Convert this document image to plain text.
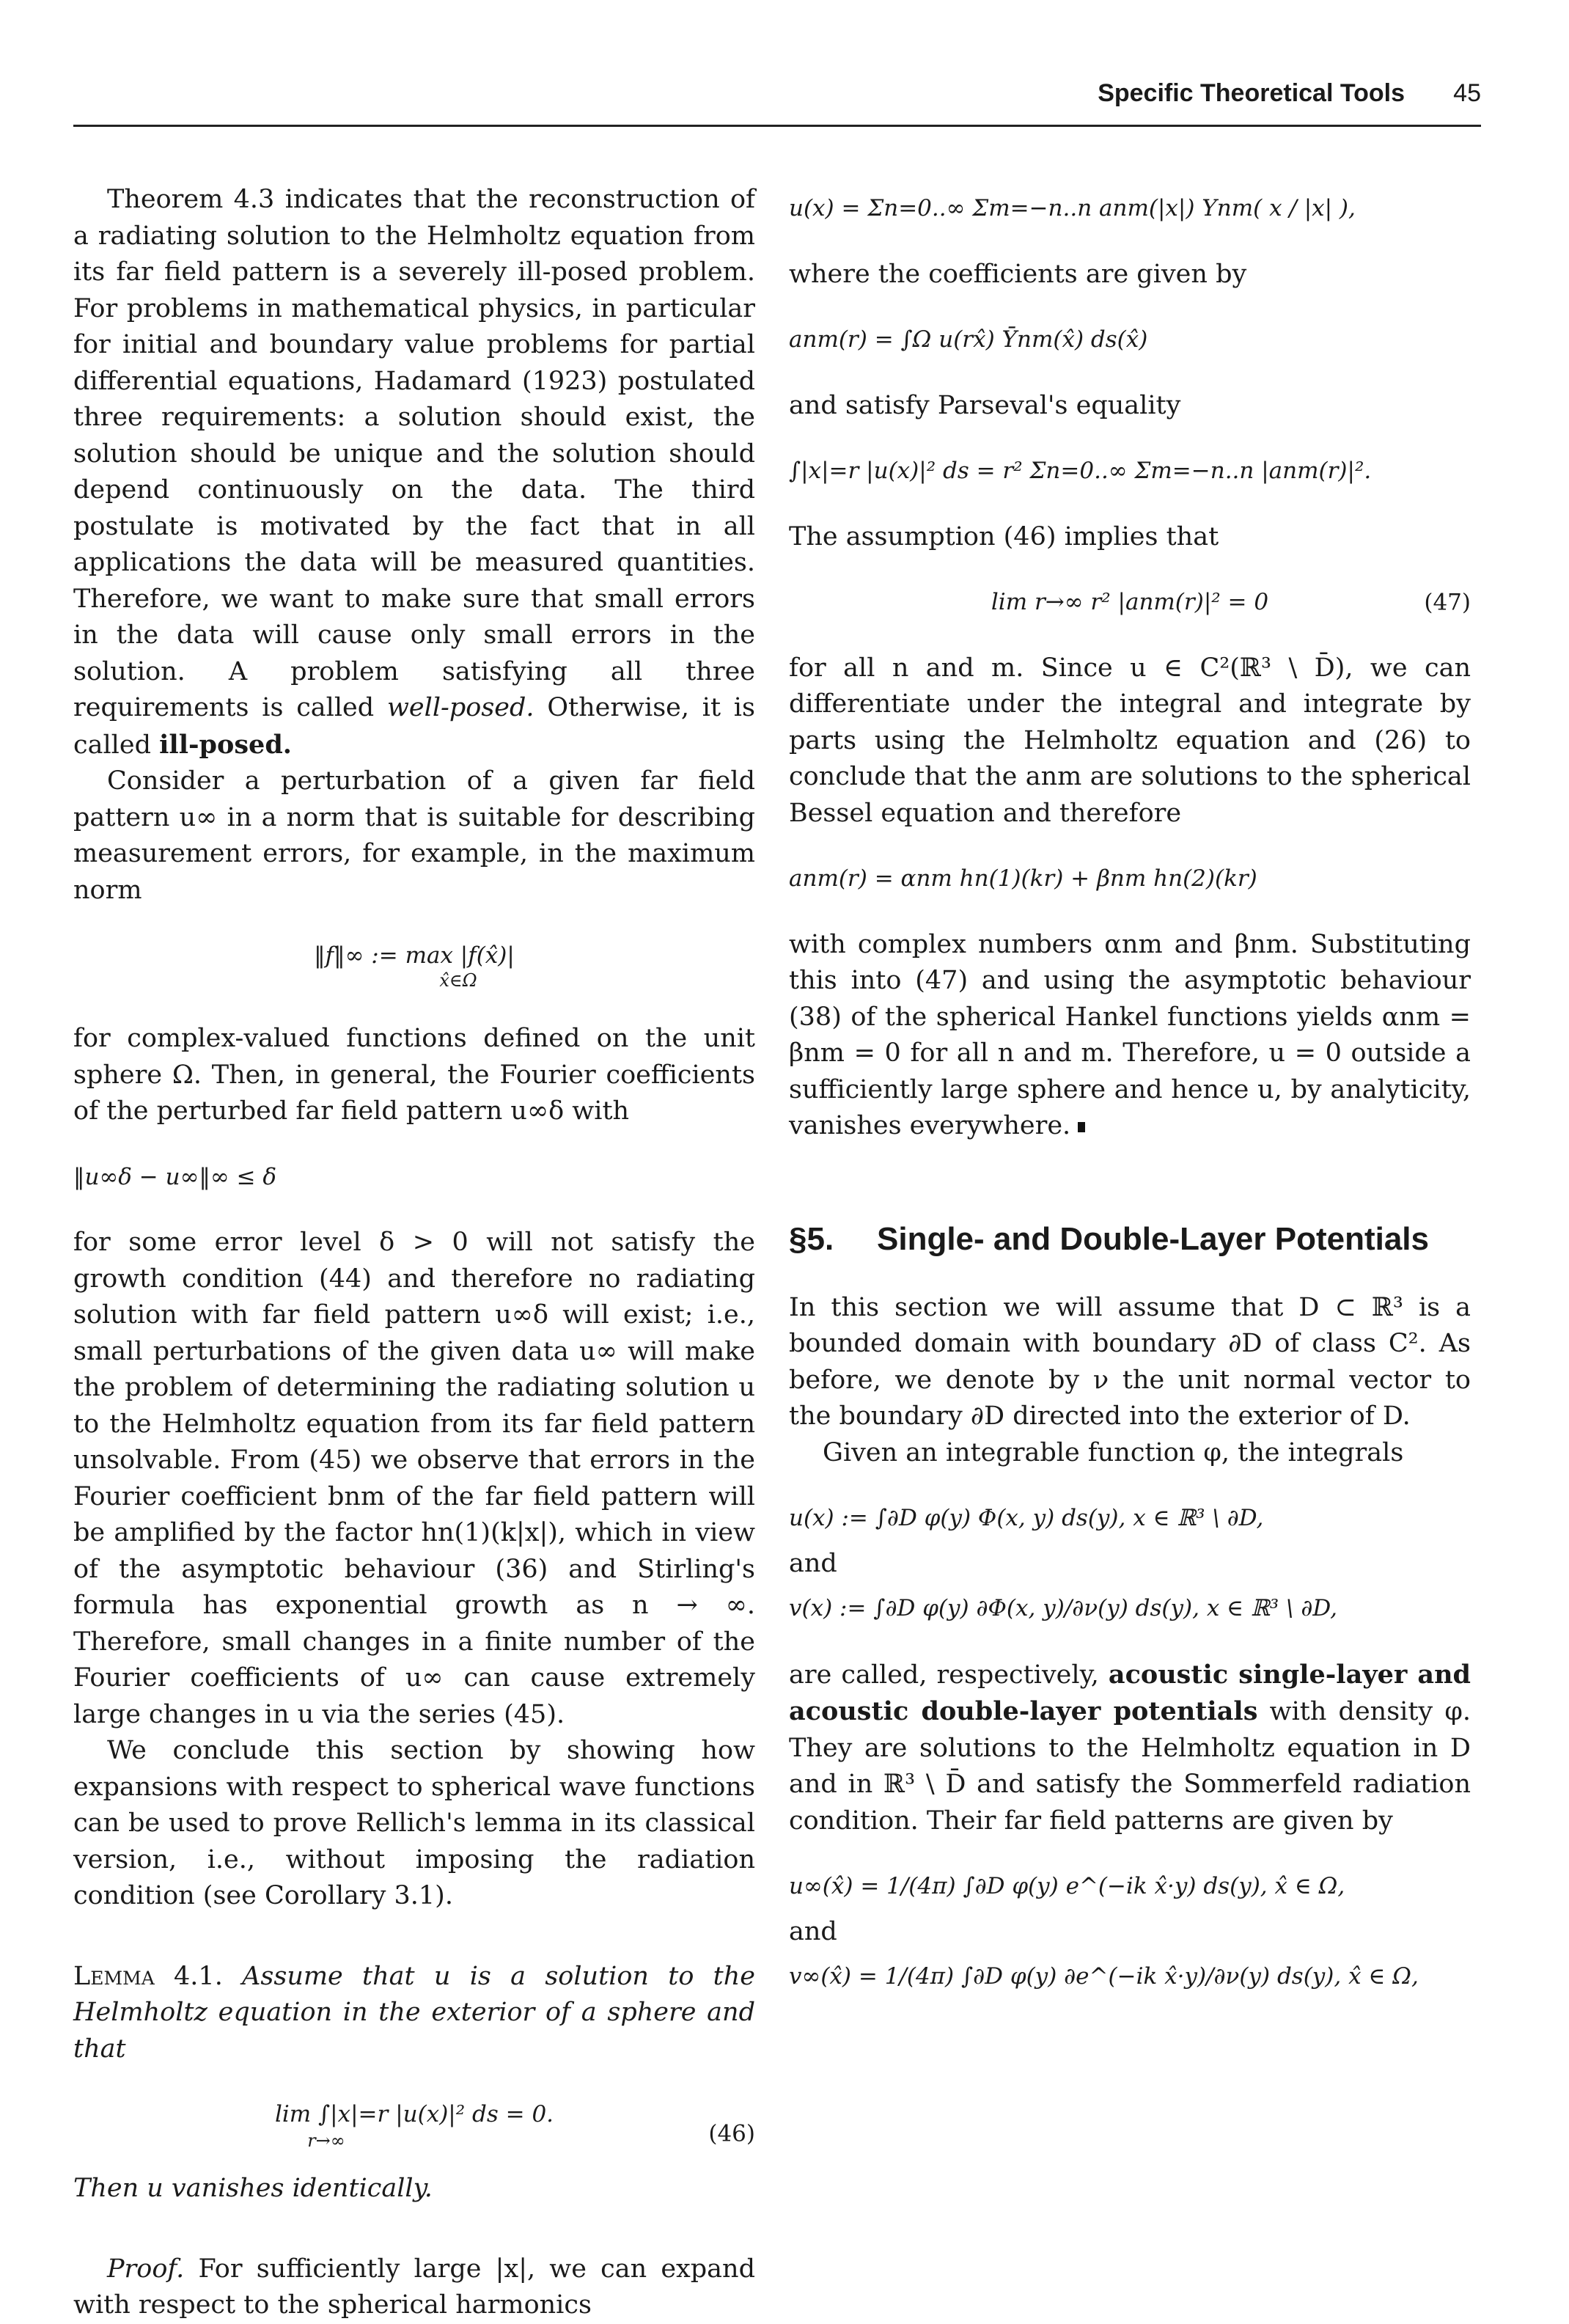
Specific Theoretical Tools 45

Theorem 4.3 indicates that the reconstruction of a radiating solution to the Helmholtz equation from its far field pattern is a severely ill-posed problem. For problems in mathematical physics, in particular for initial and boundary value problems for partial differential equations, Hadamard (1923) postulated three requirements: a solution should exist, the solution should be unique and the solution should depend continuously on the data. The third postulate is motivated by the fact that in all applications the data will be measured quantities. Therefore, we want to make sure that small errors in the data will cause only small errors in the solution. A problem satisfying all three requirements is called well-posed. Otherwise, it is called ill-posed.

Consider a perturbation of a given far field pattern u∞ in a norm that is suitable for describing measurement errors, for example, in the maximum norm

‖f‖∞ := max |f(x̂)|
$^{x̂\in\Omega}$

for complex-valued functions defined on the unit sphere Ω. Then, in general, the Fourier coefficients of the perturbed far field pattern u∞δ with

‖u∞δ − u∞‖∞ ≤ δ

for some error level δ > 0 will not satisfy the growth condition (44) and therefore no radiating solution with far field pattern u∞δ will exist; i.e., small perturbations of the given data u∞ will make the problem of determining the radiating solution u to the Helmholtz equation from its far field pattern unsolvable. From (45) we observe that errors in the Fourier coefficient bnm of the far field pattern will be amplified by the factor hn(1)(k|x|), which in view of the asymptotic behaviour (36) and Stirling's formula has exponential growth as n → ∞. Therefore, small changes in a finite number of the Fourier coefficients of u∞ can cause extremely large changes in u via the series (45).

We conclude this section by showing how expansions with respect to spherical wave functions can be used to prove Rellich's lemma in its classical version, i.e., without imposing the radiation condition (see Corollary 3.1).

Lemma 4.1. Assume that u is a solution to the Helmholtz equation in the exterior of a sphere and that

lim ∫|x|=r |u(x)|² ds = 0.
(46)

$^{r\to\infty}$

Then u vanishes identically.

Proof. For sufficiently large |x|, we can expand with respect to the spherical harmonics

u(x) = Σn=0..∞ Σm=−n..n anm(|x|) Ynm( x / |x| ),

where the coefficients are given by

anm(r) = ∫Ω u(rx̂) Ȳnm(x̂) ds(x̂)

and satisfy Parseval's equality

∫|x|=r |u(x)|² ds = r² Σn=0..∞ Σm=−n..n |anm(r)|².

The assumption (46) implies that

lim r→∞ r² |anm(r)|² = 0	(47)

for all n and m. Since u ∈ C²(ℝ³ \ D̄), we can differentiate under the integral and integrate by parts using the Helmholtz equation and (26) to conclude that the anm are solutions to the spherical Bessel equation and therefore

anm(r) = αnm hn(1)(kr) + βnm hn(2)(kr)

with complex numbers αnm and βnm. Substituting this into (47) and using the asymptotic behaviour (38) of the spherical Hankel functions yields αnm = βnm = 0 for all n and m. Therefore, u = 0 outside a sufficiently large sphere and hence u, by analyticity, vanishes everywhere.

§5.	Single- and Double-Layer Potentials

In this section we will assume that D ⊂ ℝ³ is a bounded domain with boundary ∂D of class C². As before, we denote by ν the unit normal vector to the boundary ∂D directed into the exterior of D.

Given an integrable function φ, the integrals

u(x) := ∫∂D φ(y) Φ(x, y) ds(y), x ∈ ℝ³ \ ∂D,

and

v(x) := ∫∂D φ(y) ∂Φ(x, y)/∂ν(y) ds(y), x ∈ ℝ³ \ ∂D,

are called, respectively, acoustic single-layer and acoustic double-layer potentials with density φ. They are solutions to the Helmholtz equation in D and in ℝ³ \ D̄ and satisfy the Sommerfeld radiation condition. Their far field patterns are given by

u∞(x̂) = 1/(4π) ∫∂D φ(y) e^(−ik x̂·y) ds(y), x̂ ∈ Ω,

and

v∞(x̂) = 1/(4π) ∫∂D φ(y) ∂e^(−ik x̂·y)/∂ν(y) ds(y), x̂ ∈ Ω,
